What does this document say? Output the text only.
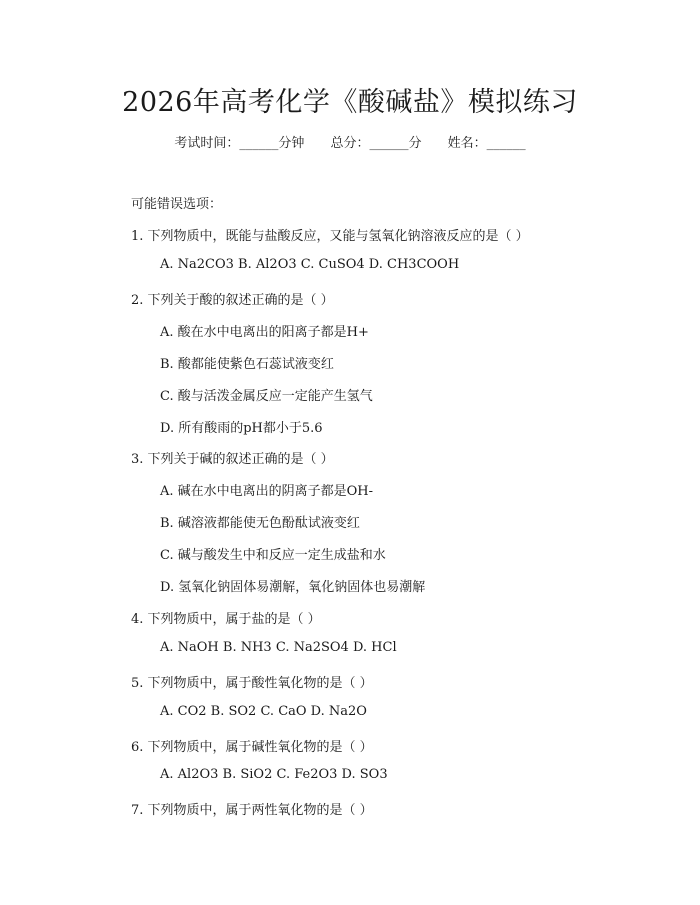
2026年高考化学《酸碱盐》模拟练习
考试时间：______分钟 总分：______分 姓名：______
可能错误选项：
1. 下列物质中，既能与盐酸反应，又能与氢氧化钠溶液反应的是（ ）
A. Na2CO3 B. Al2O3 C. CuSO4 D. CH3COOH
2. 下列关于酸的叙述正确的是（ ）
A. 酸在水中电离出的阳离子都是H+
B. 酸都能使紫色石蕊试液变红
C. 酸与活泼金属反应一定能产生氢气
D. 所有酸雨的pH都小于5.6
3. 下列关于碱的叙述正确的是（ ）
A. 碱在水中电离出的阴离子都是OH-
B. 碱溶液都能使无色酚酞试液变红
C. 碱与酸发生中和反应一定生成盐和水
D. 氢氧化钠固体易潮解，氧化钠固体也易潮解
4. 下列物质中，属于盐的是（ ）
A. NaOH B. NH3 C. Na2SO4 D. HCl
5. 下列物质中，属于酸性氧化物的是（ ）
A. CO2 B. SO2 C. CaO D. Na2O
6. 下列物质中，属于碱性氧化物的是（ ）
A. Al2O3 B. SiO2 C. Fe2O3 D. SO3
7. 下列物质中，属于两性氧化物的是（ ）
